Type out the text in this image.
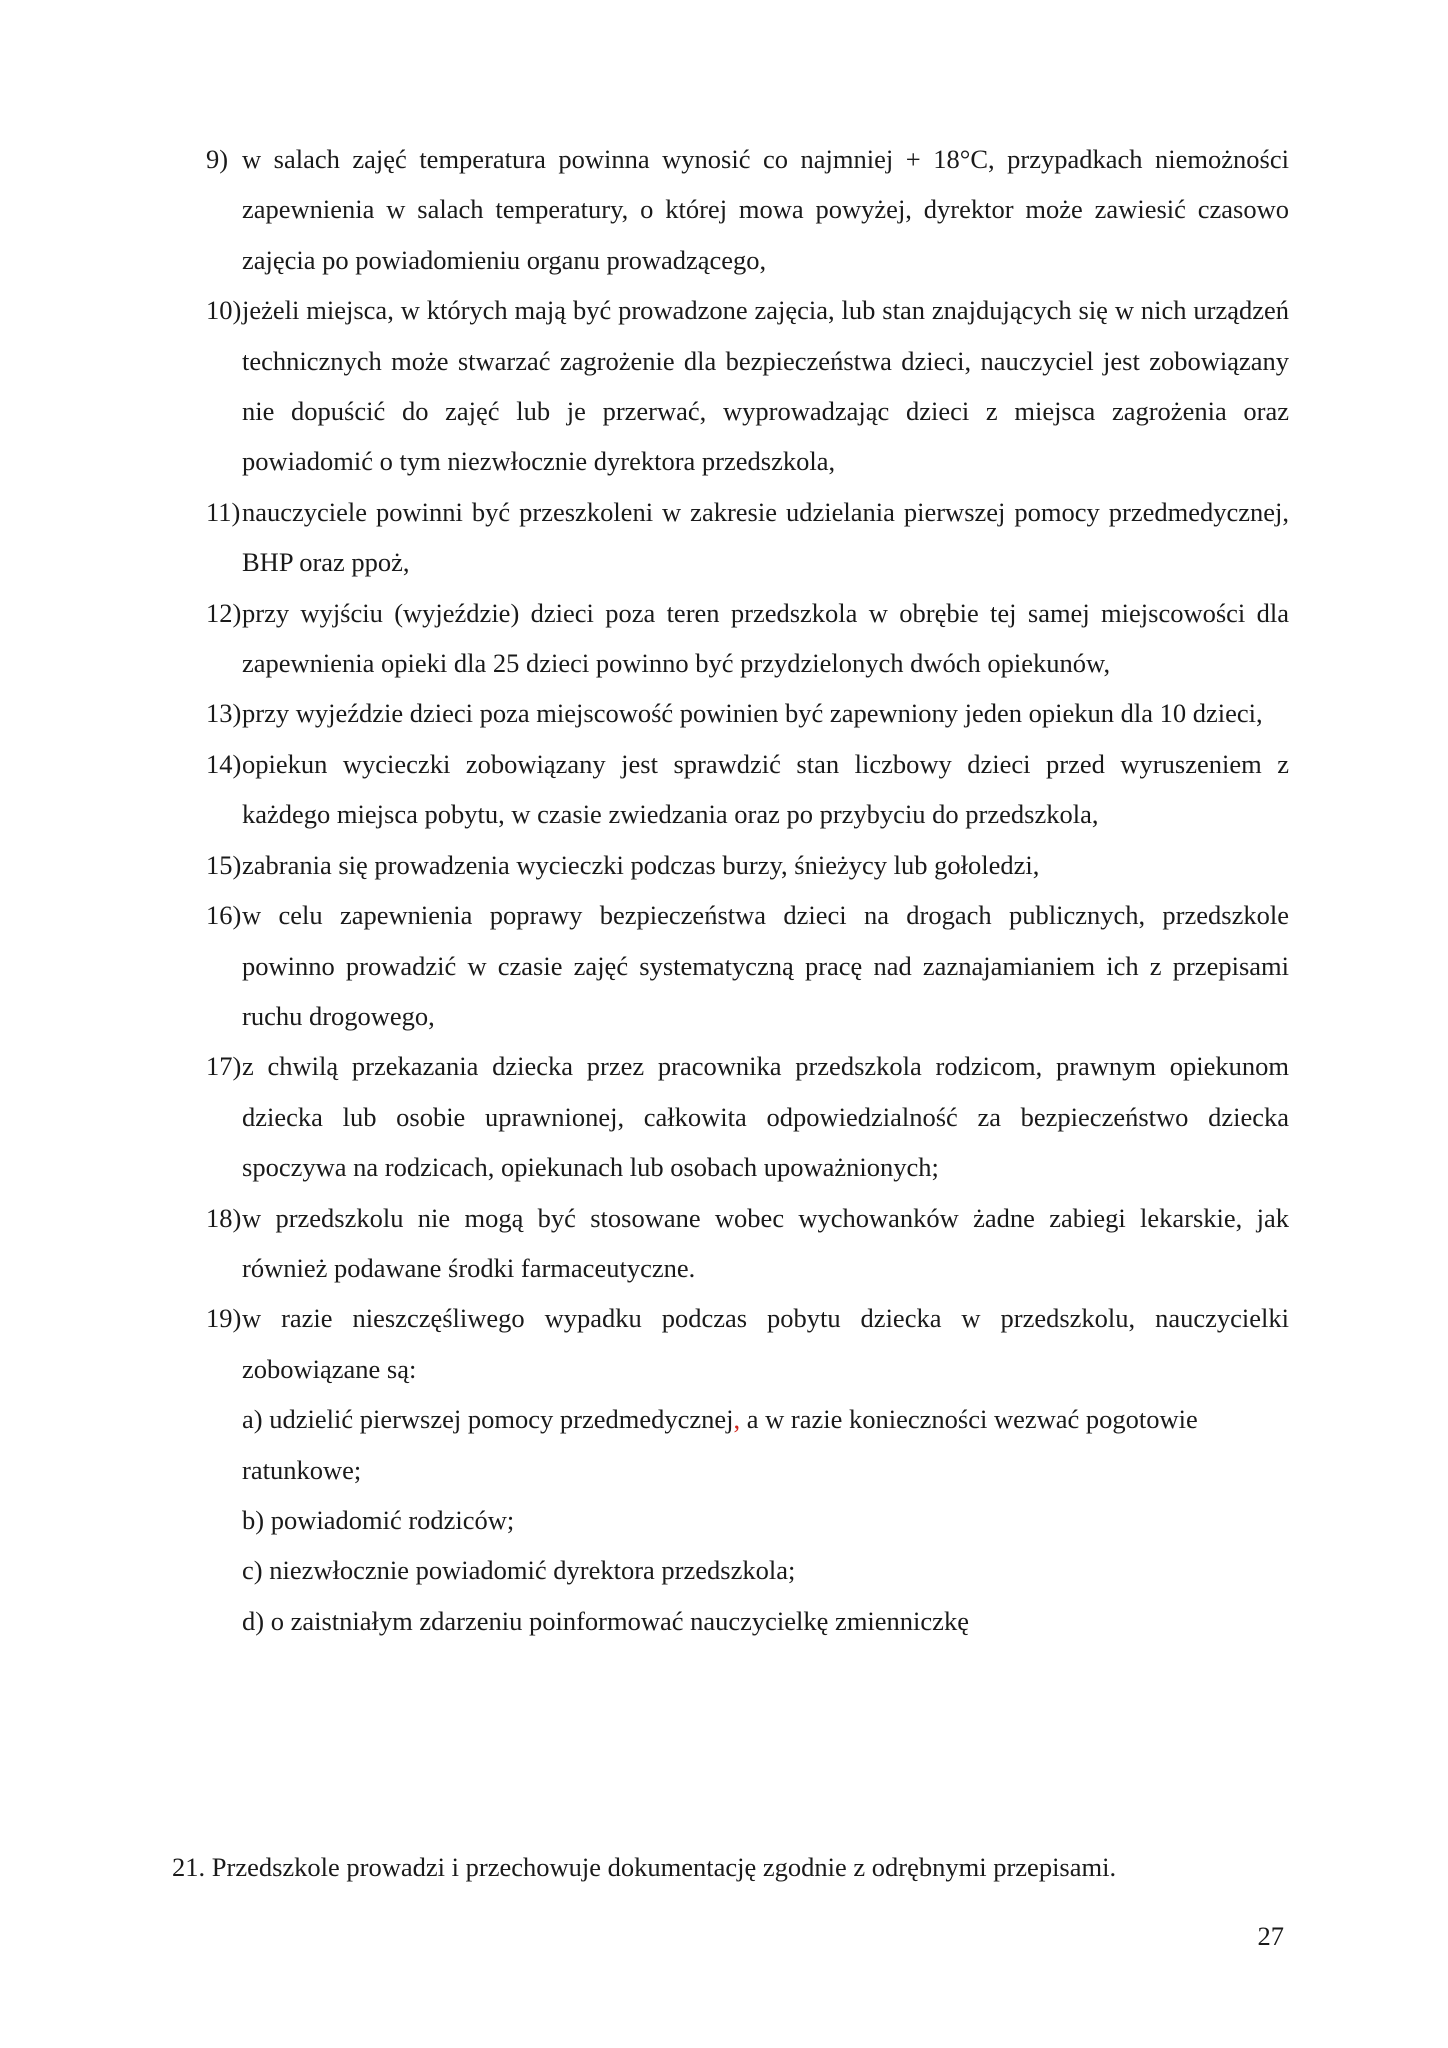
9) w salach zajęć temperatura powinna wynosić co najmniej + 18°C, przypadkach niemożności zapewnienia w salach temperatury, o której mowa powyżej, dyrektor może zawiesić czasowo zajęcia po powiadomieniu organu prowadzącego,
10) jeżeli miejsca, w których mają być prowadzone zajęcia, lub stan znajdujących się w nich urządzeń technicznych może stwarzać zagrożenie dla bezpieczeństwa dzieci, nauczyciel jest zobowiązany nie dopuścić do zajęć lub je przerwać, wyprowadzając dzieci z miejsca zagrożenia oraz powiadomić o tym niezwłocznie dyrektora przedszkola,
11) nauczyciele powinni być przeszkoleni w zakresie udzielania pierwszej pomocy przedmedycznej, BHP oraz ppoż,
12) przy wyjściu (wyjeździe) dzieci poza teren przedszkola w obrębie tej samej miejscowości dla zapewnienia opieki dla 25 dzieci powinno być przydzielonych dwóch opiekunów,
13) przy wyjeździe dzieci poza miejscowość powinien być zapewniony jeden opiekun dla 10 dzieci,
14) opiekun wycieczki zobowiązany jest sprawdzić stan liczbowy dzieci przed wyruszeniem z każdego miejsca pobytu, w czasie zwiedzania oraz po przybyciu do przedszkola,
15) zabrania się prowadzenia wycieczki podczas burzy, śnieżycy lub gołoledzi,
16) w celu zapewnienia poprawy bezpieczeństwa dzieci na drogach publicznych, przedszkole powinno prowadzić w czasie zajęć systematyczną pracę nad zaznajamianiem ich z przepisami ruchu drogowego,
17) z chwilą przekazania dziecka przez pracownika przedszkola rodzicom, prawnym opiekunom dziecka lub osobie uprawnionej, całkowita odpowiedzialność za bezpieczeństwo dziecka spoczywa na rodzicach, opiekunach lub osobach upoważnionych;
18) w przedszkolu nie mogą być stosowane wobec wychowanków żadne zabiegi lekarskie, jak również podawane środki farmaceutyczne.
19) w razie nieszczęśliwego wypadku podczas pobytu dziecka w przedszkolu, nauczycielki zobowiązane są:
a) udzielić pierwszej pomocy przedmedycznej, a w razie konieczności wezwać pogotowie ratunkowe;
b) powiadomić rodziców;
c) niezwłocznie powiadomić dyrektora przedszkola;
d) o zaistniałym zdarzeniu poinformować nauczycielkę zmienniczkę
21. Przedszkole prowadzi i przechowuje dokumentację zgodnie z odrębnymi przepisami.
27
